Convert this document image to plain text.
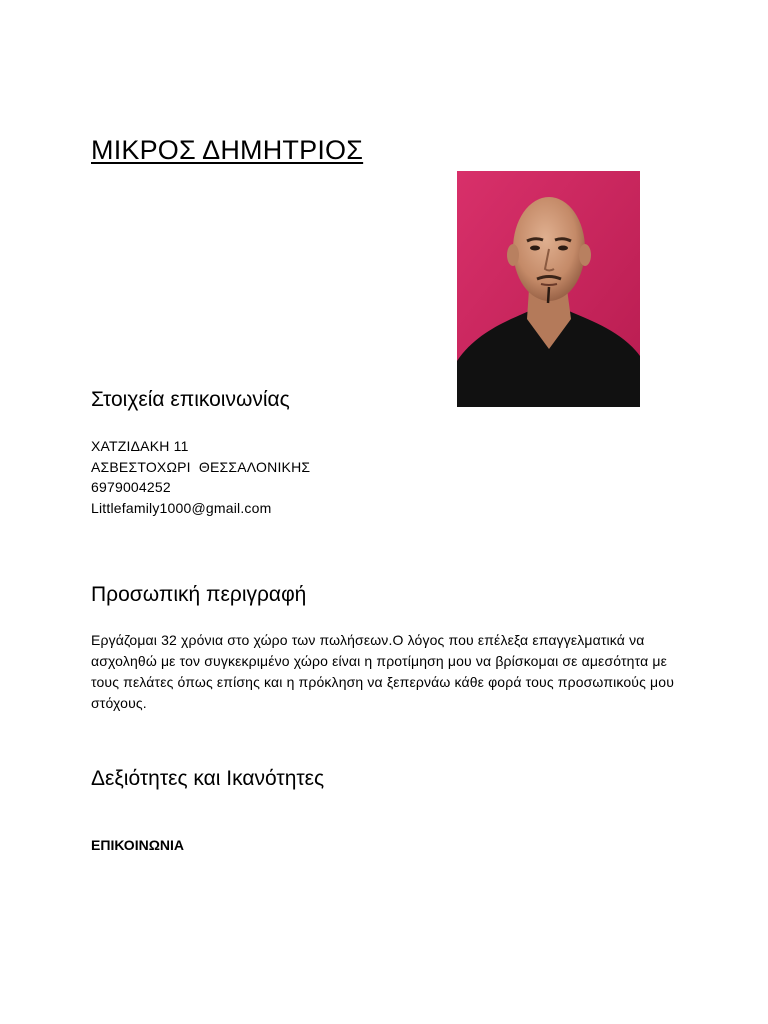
ΜΙΚΡΟΣ ΔΗΜΗΤΡΙΟΣ
Στοιχεία επικοινωνίας
ΧΑΤΖΙΔΑΚΗ 11
ΑΣΒΕΣΤΟΧΩΡΙ  ΘΕΣΣΑΛΟΝΙΚΗΣ
6979004252
Littlefamily1000@gmail.com
Προσωπική περιγραφή

Εργάζομαι 32 χρόνια στο χώρο των πωλήσεων.Ο λόγος που επέλεξα επαγγελματικά να ασχοληθώ με τον συγκεκριμένο χώρο είναι η προτίμηση μου να βρίσκομαι σε αμεσότητα με τους πελάτες όπως επίσης και η πρόκληση να ξεπερνάω κάθε φορά τους προσωπικούς μου στόχους.

Δεξιότητες και Ικανότητες

ΕΠΙΚΟΙΝΩΝΙΑ
